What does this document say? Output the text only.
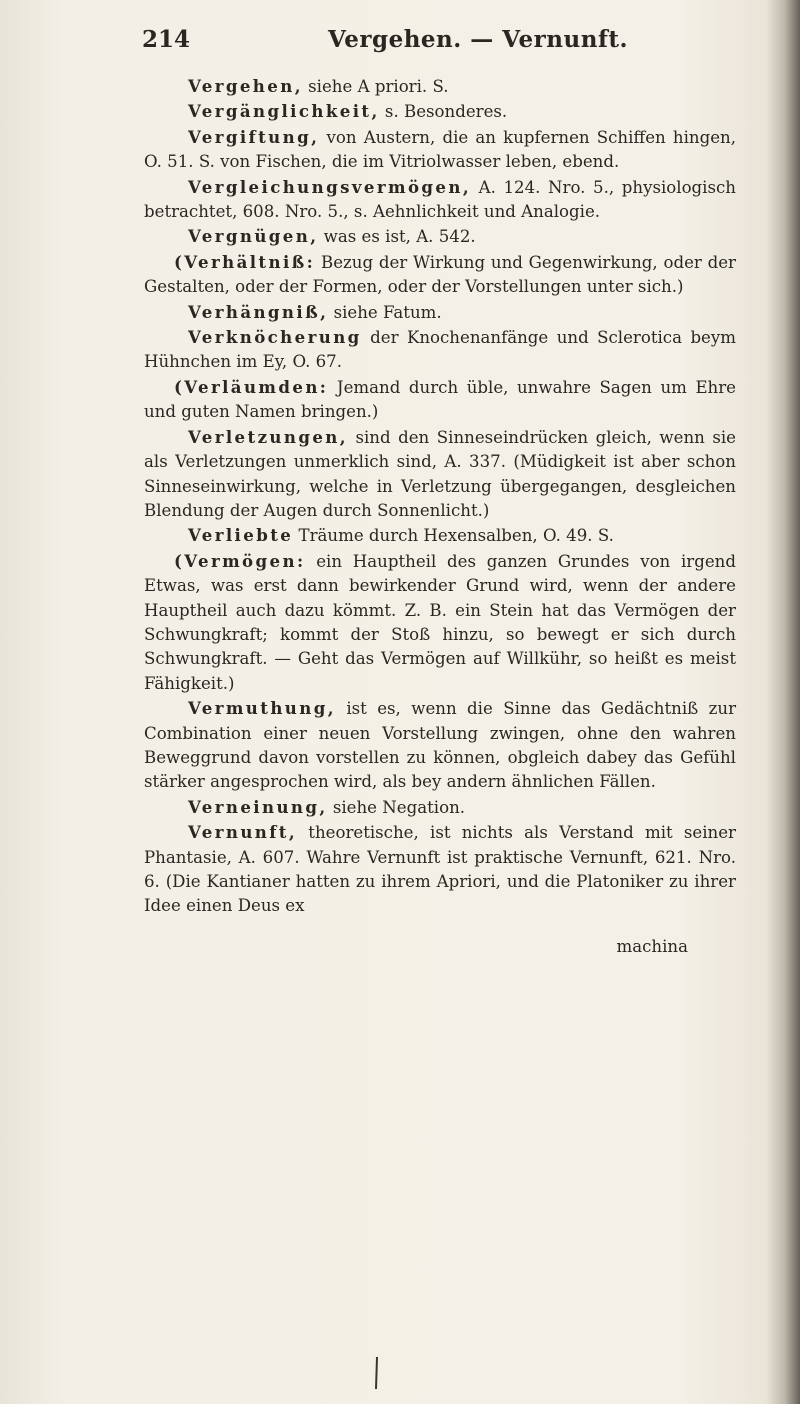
214	Vergehen. — Vernunft.

Vergehen, siehe A priori. S.

Vergänglichkeit, s. Besonderes.

Vergiftung, von Austern, die an kupfernen Schiffen hingen, O. 51. S. von Fischen, die im Vitriolwasser leben, ebend.

Vergleichungsvermögen, A. 124. Nro. 5., physiologisch betrachtet, 608. Nro. 5., s. Aehnlichkeit und Analogie.

Vergnügen, was es ist, A. 542.

(Verhältniß: Bezug der Wirkung und Gegenwirkung, oder der Gestalten, oder der Formen, oder der Vorstellungen unter sich.)

Verhängniß, siehe Fatum.

Verknöcherung der Knochenanfänge und Sclerotica beym Hühnchen im Ey, O. 67.

(Verläumden: Jemand durch üble, unwahre Sagen um Ehre und guten Namen bringen.)

Verletzungen, sind den Sinneseindrücken gleich, wenn sie als Verletzungen unmerklich sind, A. 337. (Müdigkeit ist aber schon Sinneseinwirkung, welche in Verletzung übergegangen, desgleichen Blendung der Augen durch Sonnenlicht.)

Verliebte Träume durch Hexensalben, O. 49. S.

(Vermögen: ein Hauptheil des ganzen Grundes von irgend Etwas, was erst dann bewirkender Grund wird, wenn der andere Hauptheil auch dazu kömmt. Z. B. ein Stein hat das Vermögen der Schwungkraft; kommt der Stoß hinzu, so bewegt er sich durch Schwungkraft. — Geht das Vermögen auf Willkühr, so heißt es meist Fähigkeit.)

Vermuthung, ist es, wenn die Sinne das Gedächtniß zur Combination einer neuen Vorstellung zwingen, ohne den wahren Beweggrund davon vorstellen zu können, obgleich dabey das Gefühl stärker angesprochen wird, als bey andern ähnlichen Fällen.

Verneinung, siehe Negation.

Vernunft, theoretische, ist nichts als Verstand mit seiner Phantasie, A. 607. Wahre Vernunft ist praktische Vernunft, 621. Nro. 6. (Die Kantianer hatten zu ihrem Apriori, und die Platoniker zu ihrer Idee einen Deus ex

machina
